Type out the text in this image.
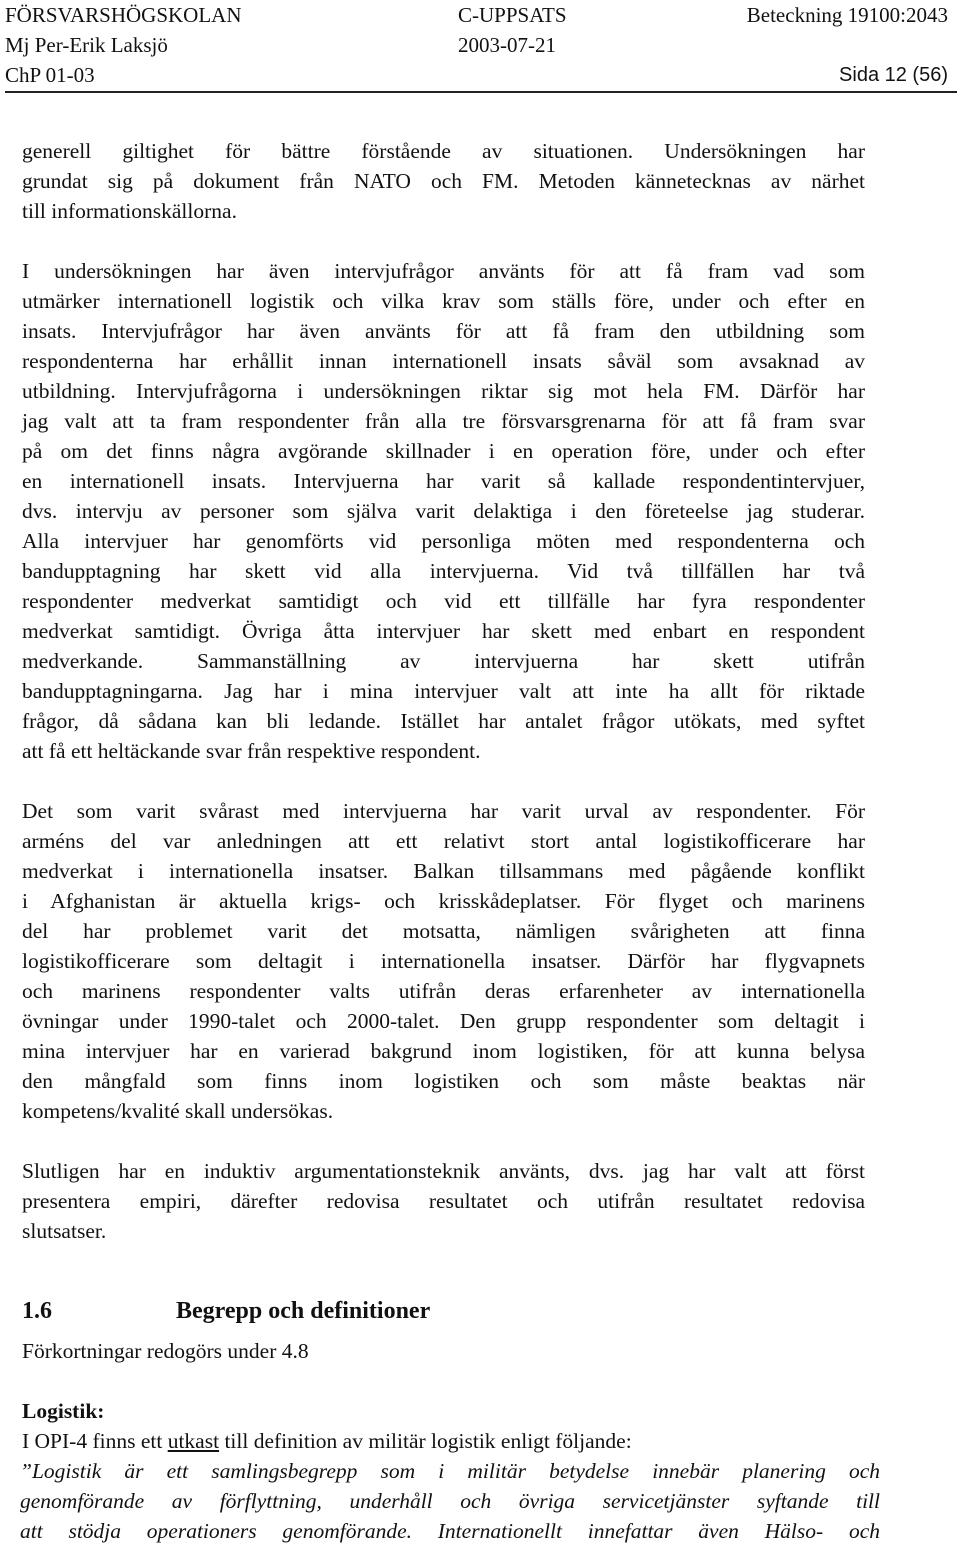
FÖRSVARSHÖGSKOLAN	C-UPPSATS	Beteckning 19100:2043
Mj Per-Erik Laksjö	2003-07-21
ChP 01-03	Sida 12 (56)
generell giltighet för bättre förstående av situationen. Undersökningen har
grundat sig på dokument från NATO och FM. Metoden kännetecknas av närhet
till informationskällorna.
I undersökningen har även intervjufrågor använts för att få fram vad som
utmärker internationell logistik och vilka krav som ställs före, under och efter en
insats. Intervjufrågor har även använts för att få fram den utbildning som
respondenterna har erhållit innan internationell insats såväl som avsaknad av
utbildning. Intervjufrågorna i undersökningen riktar sig mot hela FM. Därför har
jag valt att ta fram respondenter från alla tre försvarsgrenarna för att få fram svar
på om det finns några avgörande skillnader i en operation före, under och efter
en internationell insats. Intervjuerna har varit så kallade respondentintervjuer,
dvs. intervju av personer som själva varit delaktiga i den företeelse jag studerar.
Alla intervjuer har genomförts vid personliga möten med respondenterna och
bandupptagning har skett vid alla intervjuerna. Vid två tillfällen har två
respondenter medverkat samtidigt och vid ett tillfälle har fyra respondenter
medverkat samtidigt. Övriga åtta intervjuer har skett med enbart en respondent
medverkande. Sammanställning av intervjuerna har skett utifrån
bandupptagningarna. Jag har i mina intervjuer valt att inte ha allt för riktade
frågor, då sådana kan bli ledande. Istället har antalet frågor utökats, med syftet
att få ett heltäckande svar från respektive respondent.
Det som varit svårast med intervjuerna har varit urval av respondenter. För
arméns del var anledningen att ett relativt stort antal logistikofficerare har
medverkat i internationella insatser. Balkan tillsammans med pågående konflikt
i Afghanistan är aktuella krigs- och krisskådeplatser. För flyget och marinens
del har problemet varit det motsatta, nämligen svårigheten att finna
logistikofficerare som deltagit i internationella insatser. Därför har flygvapnets
och marinens respondenter valts utifrån deras erfarenheter av internationella
övningar under 1990-talet och 2000-talet. Den grupp respondenter som deltagit i
mina intervjuer har en varierad bakgrund inom logistiken, för att kunna belysa
den mångfald som finns inom logistiken och som måste beaktas när
kompetens/kvalité skall undersökas.
Slutligen har en induktiv argumentationsteknik använts, dvs. jag har valt att först
presentera empiri, därefter redovisa resultatet och utifrån resultatet redovisa
slutsatser.
1.6	Begrepp och definitioner
Förkortningar redogörs under 4.8
Logistik:
I OPI-4 finns ett utkast till definition av militär logistik enligt följande:
”Logistik är ett samlingsbegrepp som i militär betydelse innebär planering och
genomförande av förflyttning, underhåll och övriga servicetjänster syftande till
att stödja operationers genomförande. Internationellt innefattar även Hälso- och
